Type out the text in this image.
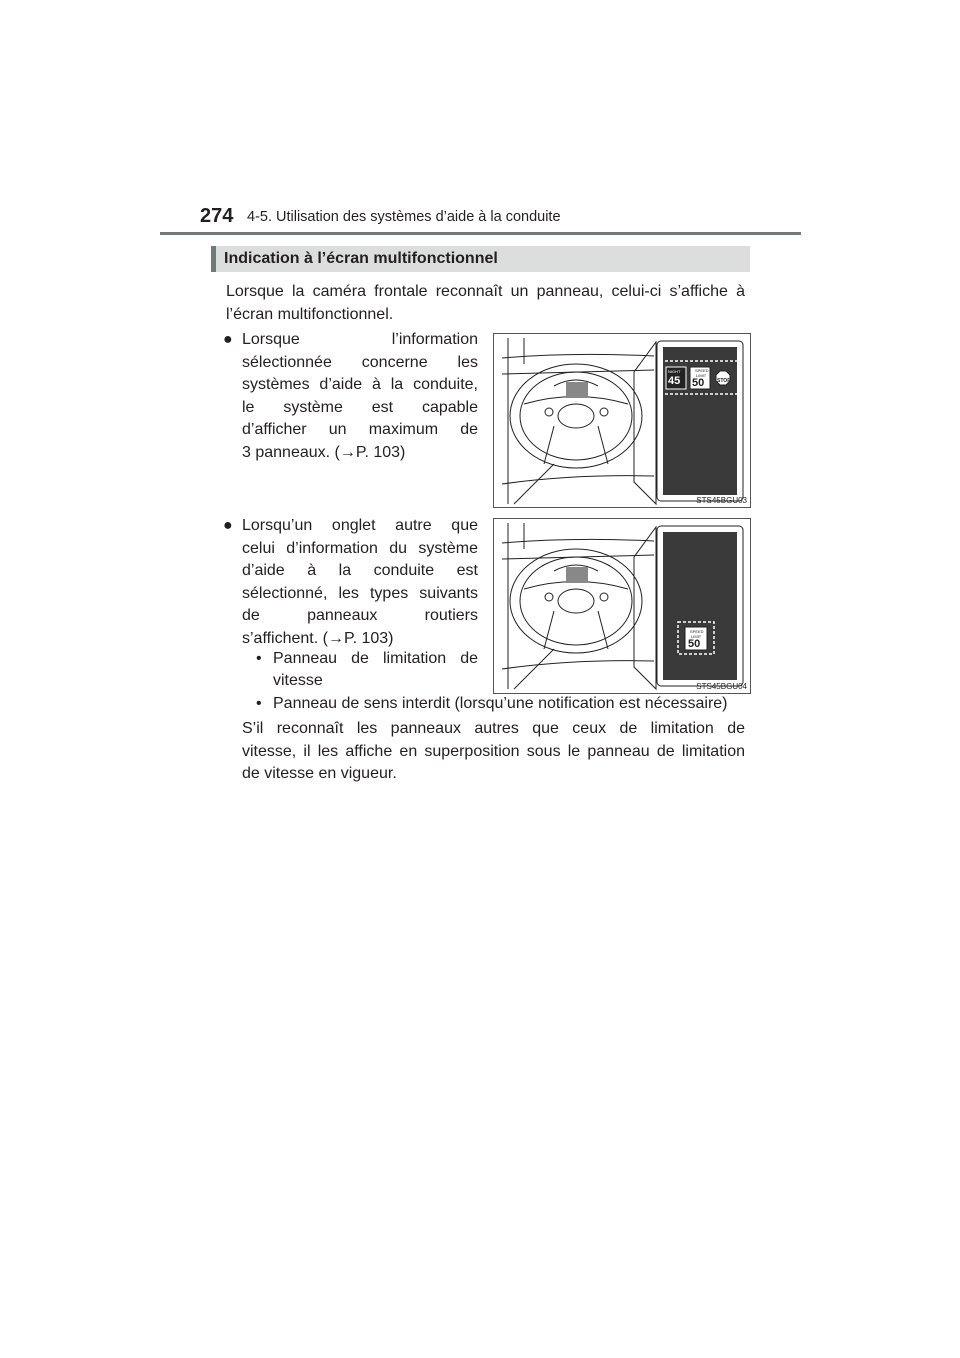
274 4-5. Utilisation des systèmes d’aide à la conduite
Indication à l’écran multifonctionnel
Lorsque la caméra frontale reconnaît un panneau, celui-ci s’affiche à
l’écran multifonctionnel.
● Lorsque l’information
sélectionnée concerne les
systèmes d’aide à la conduite,
le système est capable
d’afficher un maximum de
3 panneaux. (→P. 103)
● Lorsqu’un onglet autre que
celui d’information du système
d’aide à la conduite est
sélectionné, les types suivants
de panneaux routiers
s’affichent. (→P. 103)
• Panneau de limitation de
vitesse
• Panneau de sens interdit (lorsqu’une notification est nécessaire)
S’il reconnaît les panneaux autres que ceux de limitation de
vitesse, il les affiche en superposition sous le panneau de limitation
de vitesse en vigueur.
NIGHT
45
SPEED
LIMIT
50	STOP
STS45BGU03
SPEED
LIMIT
50
STS45BGU04
